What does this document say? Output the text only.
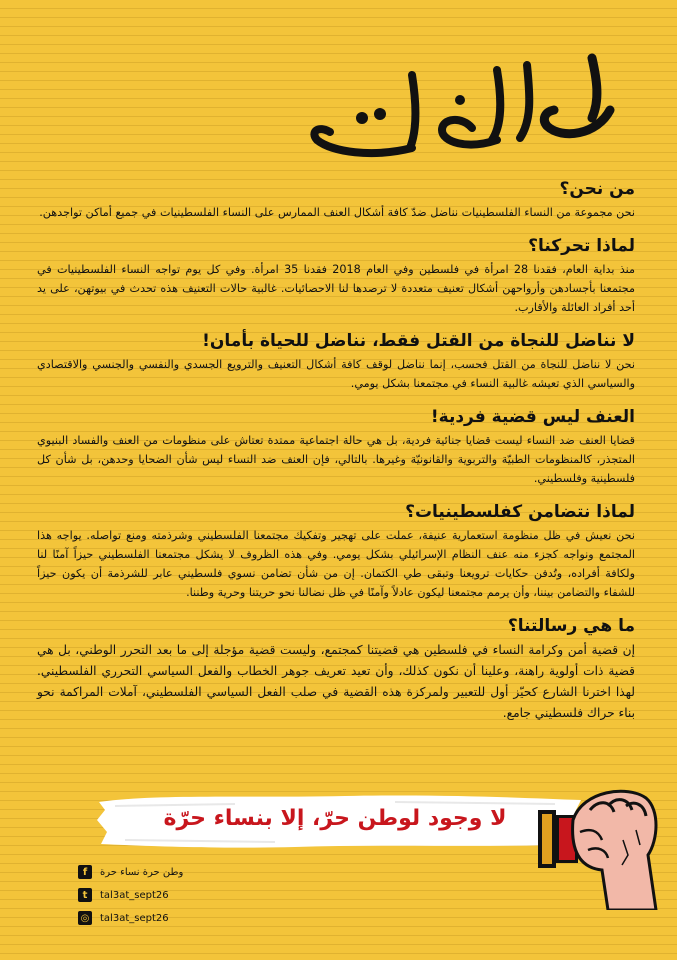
من نحن؟

نحن مجموعة من النساء الفلسطينيات نناضل ضدّ كافة أشكال العنف الممارس على النساء الفلسطينيات في جميع أماكن تواجدهن.

لماذا تحركنا؟

منذ بداية العام، فقدنا 28 امرأة في فلسطين وفي العام 2018 فقدنا 35 امرأة. وفي كل يوم تواجه النساء الفلسطينيات في مجتمعنا بأجسادهن وأرواحهن أشكال تعنيف متعددة لا ترصدها لنا الاحصائيات. غالبية حالات التعنيف هذه تحدث في بيوتهن، على يد أحد أفراد العائلة والأقارب.

لا نناضل للنجاة من القتل فقط، نناضل للحياة بأمان!

نحن لا نناضل للنجاة من القتل فحسب، إنما نناضل لوقف كافة أشكال التعنيف والترويع الجسدي والنفسي والجنسي والاقتصادي والسياسي الذي تعيشه غالبية النساء في مجتمعنا بشكل يومي.

العنف ليس قضية فردية!

قضايا العنف ضد النساء ليست قضايا جنائية فردية، بل هي حالة اجتماعية ممتدة تعتاش على منظومات من العنف والفساد البنيوي المتجذر، كالمنظومات الطبيّة والتربوية والقانونيّة وغيرها. بالتالي، فإن العنف ضد النساء ليس شأن الضحايا وحدهن، بل شأن كل فلسطينية وفلسطيني.

لماذا نتضامن كفلسطينيات؟

نحن نعيش في ظل منظومة استعمارية عنيفة، عملت على تهجير وتفكيك مجتمعنا الفلسطيني وشرذمته ومنع تواصله. يواجه هذا المجتمع ونواجه كجزء منه عنف النظام الإسرائيلي بشكل يومي. وفي هذه الظروف لا يشكل مجتمعنا الفلسطيني حيزاً آمنًا لنا ولكافة أفراده، وتُدفن حكايات ترويعنا وتبقى طي الكتمان. إن من شأن تضامن نسوي فلسطيني عابر للشرذمة أن يكون حيزاً للشفاء والتضامن بيننا، وأن يرمم مجتمعنا ليكون عادلاً وآمنًا في ظل نضالنا نحو حريتنا وحرية وطننا.

ما هي رسالتنا؟

إن قضية أمن وكرامة النساء في فلسطين هي قضيتنا كمجتمع، وليست قضية مؤجلة إلى ما بعد التحرر الوطني، بل هي قضية ذات أولوية راهنة، وعلينا أن نكون كذلك، وأن تعيد تعريف جوهر الخطاب والفعل السياسي التحرري الفلسطيني. لهذا اخترنا الشارع كحيّز أول للتعبير ولمركزة هذه القضية في صلب الفعل السياسي الفلسطيني، آملات المراكمة نحو بناء حراك فلسطيني جامع.

لا وجود لوطن حرّ، إلا بنساء حرّة
f	وطن حرة نساء حرة
t	tal3at_sept26
◎ tal3at_sept26
